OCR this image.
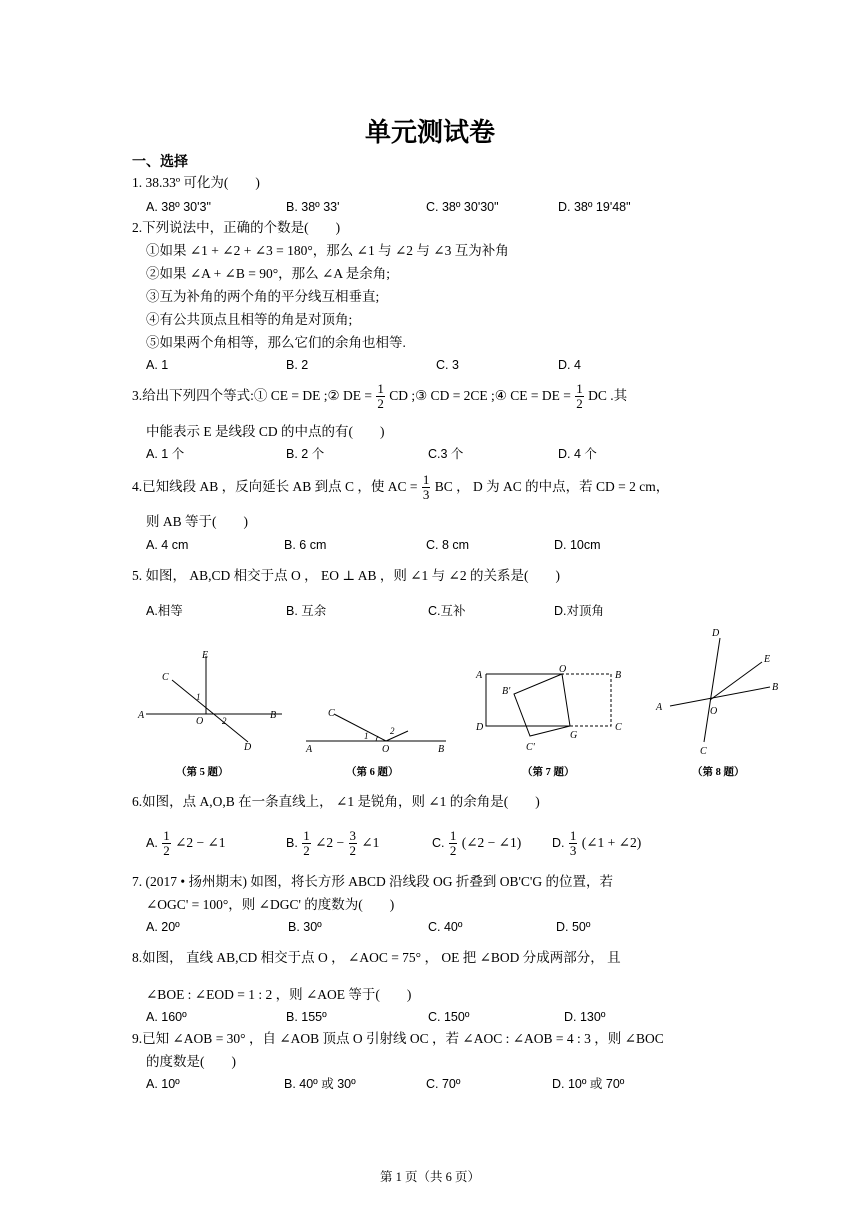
单元测试卷
一、选择
1. 38.33º 可化为(　　)
A. 38º 30'3"	B. 38º 33'	C. 38º 30'30"	D. 38º 19'48"
2.下列说法中，正确的个数是(　　)
①如果 ∠1 + ∠2 + ∠3 = 180°，那么 ∠1 与 ∠2 与 ∠3 互为补角
②如果 ∠A + ∠B = 90°，那么 ∠A 是余角;
③互为补角的两个角的平分线互相垂直;
④有公共顶点且相等的角是对顶角;
⑤如果两个角相等，那么它们的余角也相等.
A. 1	B. 2	C. 3	D. 4
3.给出下列四个等式:① CE = DE ;② DE = $\frac{1}{2}$ CD ;③ CD = 2CE ;④ CE = DE = $\frac{1}{2}$ DC .其
中能表示 E 是线段 CD 的中点的有(　　)
A. 1 个	B. 2 个	C.3 个	D. 4 个
4.已知线段 AB ，反向延长 AB 到点 C ，使 AC = $\frac{1}{3}$ BC ， D 为 AC 的中点，若 CD = 2 cm，
则 AB 等于(　　)
A. 4 cm	B. 6 cm	C. 8 cm	D. 10cm
5. 如图， AB,CD 相交于点 O ， EO ⊥ AB ，则 ∠1 与 ∠2 的关系是(　　)
A.相等	B. 互余	C.互补	D.对顶角
E
C
1
A
O 2	B
D
（第 5 题）
C
2
1
A	O	B
（第 6 题）
A
O
B
B'
D
G
C
C'
（第 7 题）
D
E
B
A	O
C
（第 8 题）
6.如图，点 A,O,B 在一条直线上， ∠1 是锐角，则 ∠1 的余角是(　　)
A. $\frac{1}{2}$ ∠2 − ∠1	B. $\frac{1}{2}$ ∠2 − $\frac{3}{2}$ ∠1	C. $\frac{1}{2}$ (∠2 − ∠1) D. $\frac{1}{3}$ (∠1 + ∠2)
7. (2017 • 扬州期末) 如图，将长方形 ABCD 沿线段 OG 折叠到 OB'C'G 的位置，若
∠OGC' = 100°，则 ∠DGC' 的度数为(　　)
A. 20º	B. 30º	C. 40º	D. 50º
8.如图， 直线 AB,CD 相交于点 O ， ∠AOC = 75° ， OE 把 ∠BOD 分成两部分， 且
∠BOE : ∠EOD = 1 : 2 ，则 ∠AOE 等于(　　)
A. 160º	B. 155º	C. 150º	D. 130º
9.已知 ∠AOB = 30° ，自 ∠AOB 顶点 O 引射线 OC ，若 ∠AOC : ∠AOB = 4 : 3 ，则 ∠BOC
的度数是(　　)
A. 10º	B. 40º 或 30º	C. 70º	D. 10º 或 70º
第 1 页（共 6 页）
